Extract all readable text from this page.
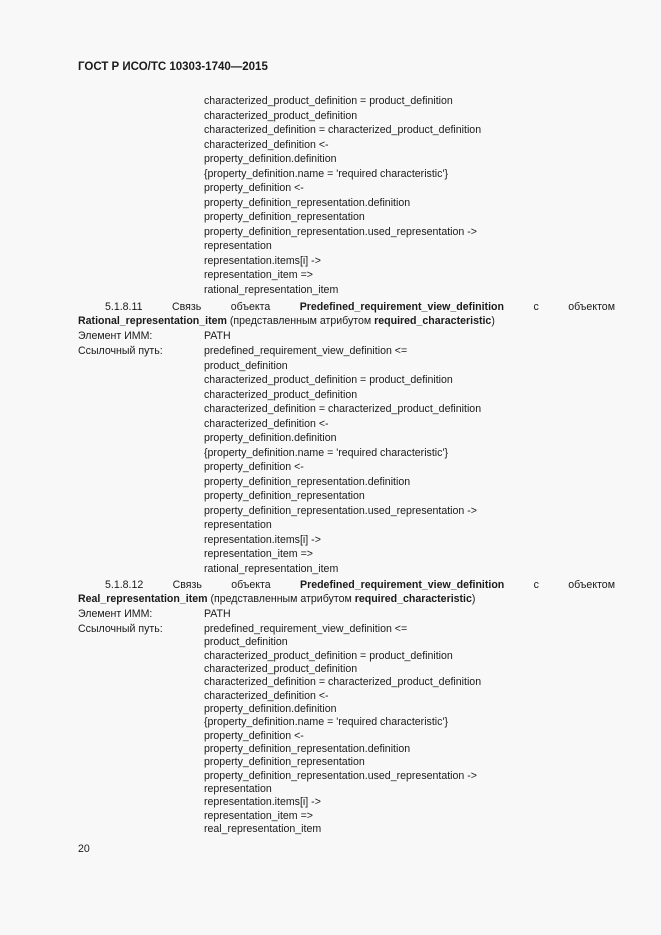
ГОСТ Р ИСО/ТС 10303-1740—2015
characterized_product_definition = product_definition
characterized_product_definition
characterized_definition = characterized_product_definition
characterized_definition <-
property_definition.definition
{property_definition.name = 'required characteristic'}
property_definition <-
property_definition_representation.definition
property_definition_representation
property_definition_representation.used_representation ->
representation
representation.items[i] ->
representation_item =>
rational_representation_item
5.1.8.11	Связь объекта	Predefined_requirement_view_definition	с объектом Rational_representation_item (представленным атрибутом required_characteristic)
Элемент ИММ:	PATH
Ссылочный путь:	predefined_requirement_view_definition <=
product_definition
characterized_product_definition = product_definition
characterized_product_definition
characterized_definition = characterized_product_definition
characterized_definition <-
property_definition.definition
{property_definition.name = 'required characteristic'}
property_definition <-
property_definition_representation.definition
property_definition_representation
property_definition_representation.used_representation ->
representation
representation.items[i] ->
representation_item =>
rational_representation_item
5.1.8.12	Связь объекта	Predefined_requirement_view_definition	с объектом Real_representation_item (представленным атрибутом required_characteristic)
Элемент ИММ:	PATH
Ссылочный путь:	predefined_requirement_view_definition <=
product_definition
characterized_product_definition = product_definition
characterized_product_definition
characterized_definition = characterized_product_definition
characterized_definition <-
property_definition.definition
{property_definition.name = 'required characteristic'}
property_definition <-
property_definition_representation.definition
property_definition_representation
property_definition_representation.used_representation ->
representation
representation.items[i] ->
representation_item =>
real_representation_item
20
